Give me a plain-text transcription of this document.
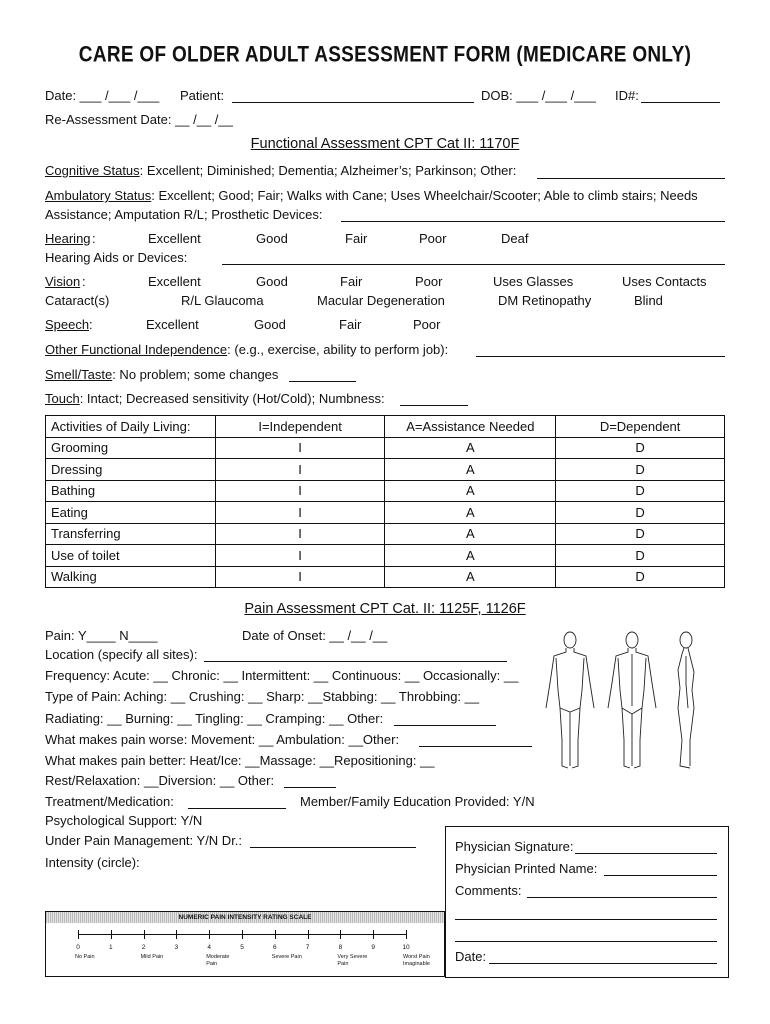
CARE OF OLDER ADULT ASSESSMENT FORM (MEDICARE ONLY)
Date: ___ /___ /___ Patient:	DOB: ___ /___ /___ ID#:
Re-Assessment Date: __ /__ /__
Functional Assessment CPT Cat II: 1170F
Cognitive Status: Excellent; Diminished; Dementia; Alzheimer’s; Parkinson; Other:
Ambulatory Status: Excellent; Good; Fair; Walks with Cane; Uses Wheelchair/Scooter; Able to climb stairs; Needs
Assistance; Amputation R/L; Prosthetic Devices:
Hearing :	Excellent	Good	Fair	Poor	Deaf
Hearing Aids or Devices:
Vision :	Excellent	Good	Fair	Poor	Uses Glasses	Uses Contacts
Cataract(s)	R/L Glaucoma	Macular Degeneration	DM Retinopathy	Blind
Speech :	Excellent	Good	Fair	Poor
Other Functional Independence: (e.g., exercise, ability to perform job):
Smell/Taste: No problem; some changes
Touch: Intact; Decreased sensitivity (Hot/Cold); Numbness:
Activities of Daily Living:	I=Independent	A=Assistance Needed	D=Dependent
Grooming	I	A	D
Dressing	I	A	D
Bathing	I	A	D
Eating	I	A	D
Transferring	I	A	D
Use of toilet	I	A	D
Walking	I	A	D
Pain Assessment CPT Cat. II: 1125F, 1126F
Pain: Y____ N____	Date of Onset: __ /__ /__
Location (specify all sites):
Frequency: Acute: __ Chronic: __ Intermittent: __ Continuous: __ Occasionally: __
Type of Pain: Aching: __ Crushing: __ Sharp: __Stabbing: __ Throbbing: __
Radiating: __ Burning: __ Tingling: __ Cramping: __ Other:
What makes pain worse: Movement: __ Ambulation: __Other:
What makes pain better: Heat/Ice: __Massage: __Repositioning: __
Rest/Relaxation: __Diversion: __ Other:
Treatment/Medication:	Member/Family Education Provided: Y/N
Psychological Support: Y/N
Under Pain Management: Y/N Dr.:
Intensity (circle):
Physician Signature:
Physician Printed Name:
Comments:
Date:
NUMERIC PAIN INTENSITY RATING SCALE
0	1	2	3	4	5	6	7	8	9	10
No Pain	Mild Pain	Moderate Pain
Severe Pain	Very Severe Pain
Worst Pain Imaginable
